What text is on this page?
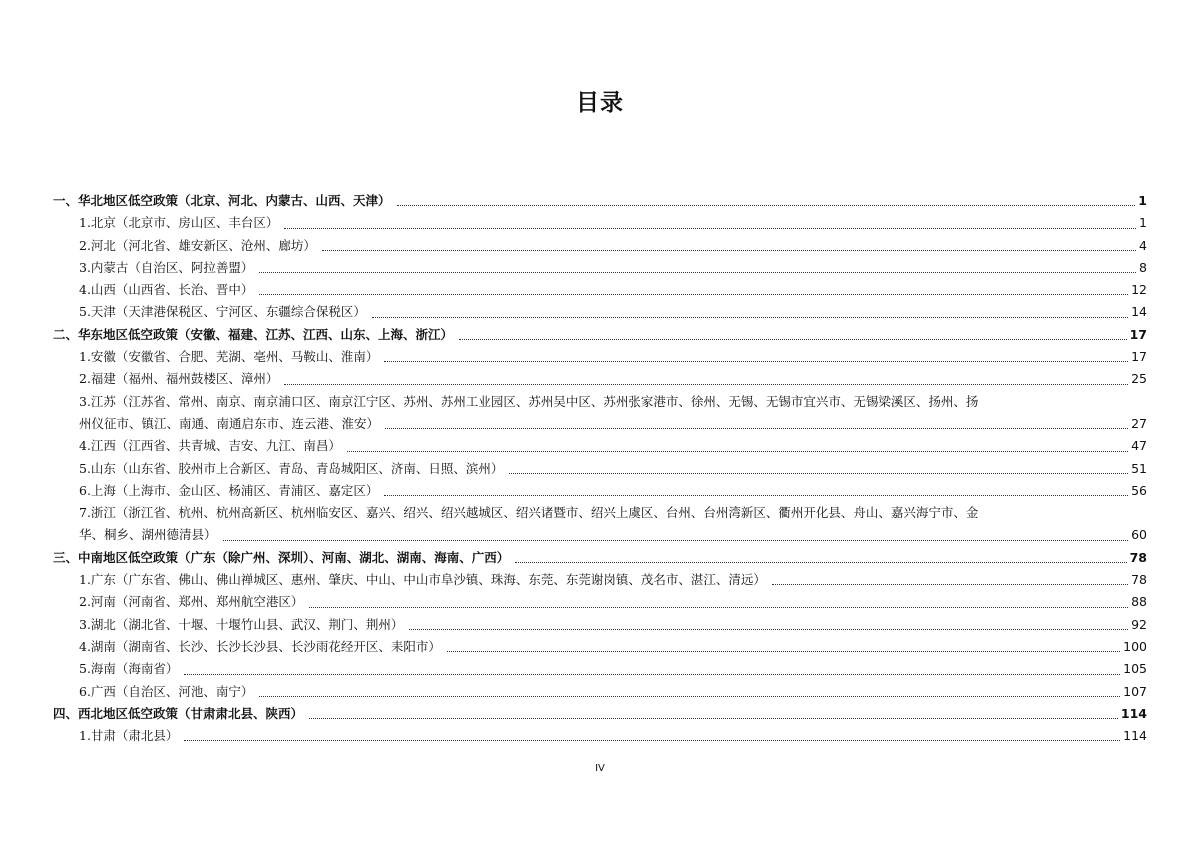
目录
一、华北地区低空政策（北京、河北、内蒙古、山西、天津）	1
1.北京（北京市、房山区、丰台区）	1
2.河北（河北省、雄安新区、沧州、廊坊）	4
3.内蒙古（自治区、阿拉善盟）	8
4.山西（山西省、长治、晋中）	12
5.天津（天津港保税区、宁河区、东疆综合保税区）	14
二、华东地区低空政策（安徽、福建、江苏、江西、山东、上海、浙江）	17
1.安徽（安徽省、合肥、芜湖、亳州、马鞍山、淮南）	17
2.福建（福州、福州鼓楼区、漳州）	25
3.江苏（江苏省、常州、南京、南京浦口区、南京江宁区、苏州、苏州工业园区、苏州吴中区、苏州张家港市、徐州、无锡、无锡市宜兴市、无锡梁溪区、扬州、扬
州仪征市、镇江、南通、南通启东市、连云港、淮安）	27
4.江西（江西省、共青城、吉安、九江、南昌）	47
5.山东（山东省、胶州市上合新区、青岛、青岛城阳区、济南、日照、滨州）	51
6.上海（上海市、金山区、杨浦区、青浦区、嘉定区）	56
7.浙江（浙江省、杭州、杭州高新区、杭州临安区、嘉兴、绍兴、绍兴越城区、绍兴诸暨市、绍兴上虞区、台州、台州湾新区、衢州开化县、舟山、嘉兴海宁市、金
华、桐乡、湖州德清县）	60
三、中南地区低空政策（广东（除广州、深圳）、河南、湖北、湖南、海南、广西）	78
1.广东（广东省、佛山、佛山禅城区、惠州、肇庆、中山、中山市阜沙镇、珠海、东莞、东莞谢岗镇、茂名市、湛江、清远）	78
2.河南（河南省、郑州、郑州航空港区）	88
3.湖北（湖北省、十堰、十堰竹山县、武汉、荆门、荆州）	92
4.湖南（湖南省、长沙、长沙长沙县、长沙雨花经开区、耒阳市）	100
5.海南（海南省）	105
6.广西（自治区、河池、南宁）	107
四、西北地区低空政策（甘肃肃北县、陕西）	114
1.甘肃（肃北县）	114
IV
